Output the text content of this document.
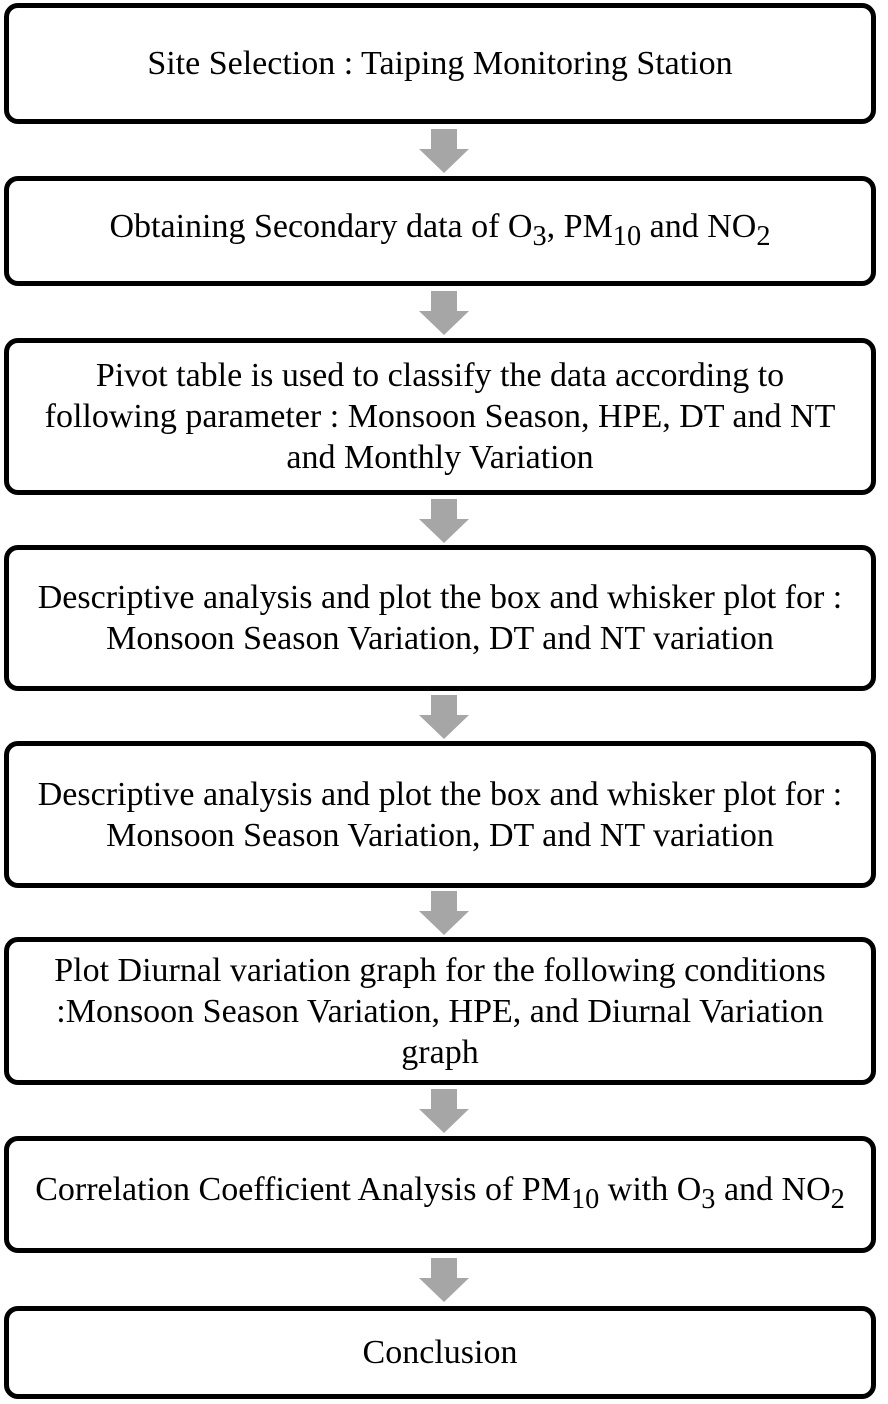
Site Selection : Taiping Monitoring Station
Obtaining Secondary data of $O_3$, $PM_{10}$ and $NO_2$
Pivot table is used to classify the data according to following parameter : Monsoon Season, HPE, DT and NT and Monthly Variation
Descriptive analysis and plot the box and whisker plot for : Monsoon Season Variation, DT and NT variation
Descriptive analysis and plot the box and whisker plot for : Monsoon Season Variation, DT and NT variation
Plot Diurnal variation graph for the following conditions :Monsoon Season Variation, HPE, and Diurnal Variation graph
Correlation Coefficient Analysis of $PM_{10}$ with $O_3$ and $NO_2$
Conclusion
